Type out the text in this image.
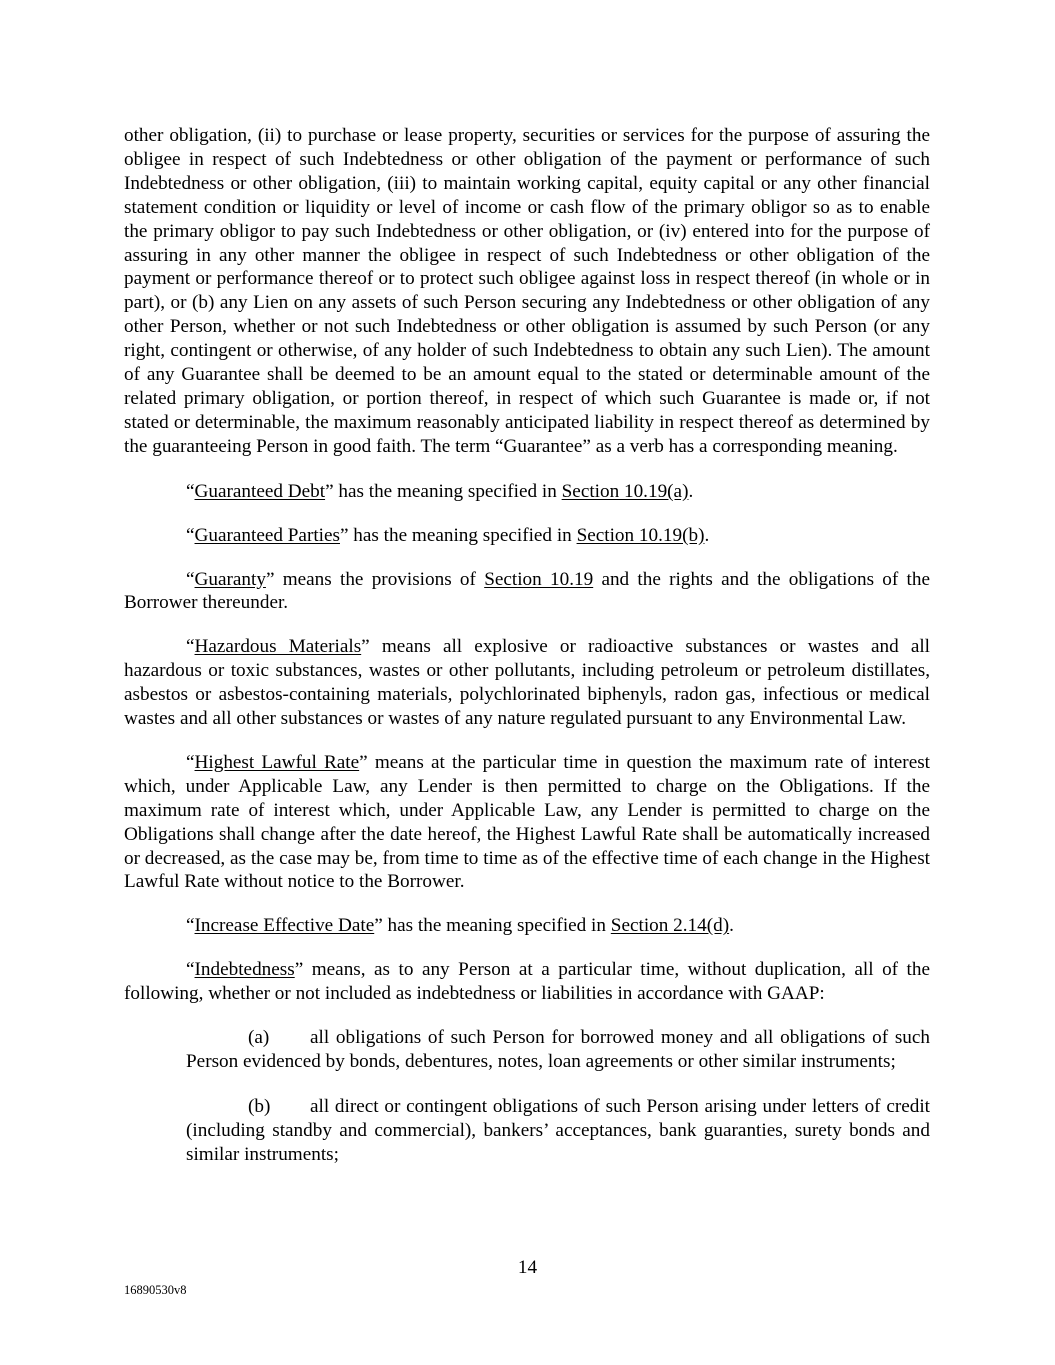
other obligation, (ii) to purchase or lease property, securities or services for the purpose of assuring the obligee in respect of such Indebtedness or other obligation of the payment or performance of such Indebtedness or other obligation, (iii) to maintain working capital, equity capital or any other financial statement condition or liquidity or level of income or cash flow of the primary obligor so as to enable the primary obligor to pay such Indebtedness or other obligation, or (iv) entered into for the purpose of assuring in any other manner the obligee in respect of such Indebtedness or other obligation of the payment or performance thereof or to protect such obligee against loss in respect thereof (in whole or in part), or (b) any Lien on any assets of such Person securing any Indebtedness or other obligation of any other Person, whether or not such Indebtedness or other obligation is assumed by such Person (or any right, contingent or otherwise, of any holder of such Indebtedness to obtain any such Lien). The amount of any Guarantee shall be deemed to be an amount equal to the stated or determinable amount of the related primary obligation, or portion thereof, in respect of which such Guarantee is made or, if not stated or determinable, the maximum reasonably anticipated liability in respect thereof as determined by the guaranteeing Person in good faith. The term “Guarantee” as a verb has a corresponding meaning.

“Guaranteed Debt” has the meaning specified in Section 10.19(a).

“Guaranteed Parties” has the meaning specified in Section 10.19(b).

“Guaranty” means the provisions of Section 10.19 and the rights and the obligations of the Borrower thereunder.

“Hazardous Materials” means all explosive or radioactive substances or wastes and all hazardous or toxic substances, wastes or other pollutants, including petroleum or petroleum distillates, asbestos or asbestos-containing materials, polychlorinated biphenyls, radon gas, infectious or medical wastes and all other substances or wastes of any nature regulated pursuant to any Environmental Law.

“Highest Lawful Rate” means at the particular time in question the maximum rate of interest which, under Applicable Law, any Lender is then permitted to charge on the Obligations. If the maximum rate of interest which, under Applicable Law, any Lender is permitted to charge on the Obligations shall change after the date hereof, the Highest Lawful Rate shall be automatically increased or decreased, as the case may be, from time to time as of the effective time of each change in the Highest Lawful Rate without notice to the Borrower.

“Increase Effective Date” has the meaning specified in Section 2.14(d).

“Indebtedness” means, as to any Person at a particular time, without duplication, all of the following, whether or not included as indebtedness or liabilities in accordance with GAAP:

(a) all obligations of such Person for borrowed money and all obligations of such Person evidenced by bonds, debentures, notes, loan agreements or other similar instruments;

(b) all direct or contingent obligations of such Person arising under letters of credit (including standby and commercial), bankers’ acceptances, bank guaranties, surety bonds and similar instruments;

14
16890530v8
